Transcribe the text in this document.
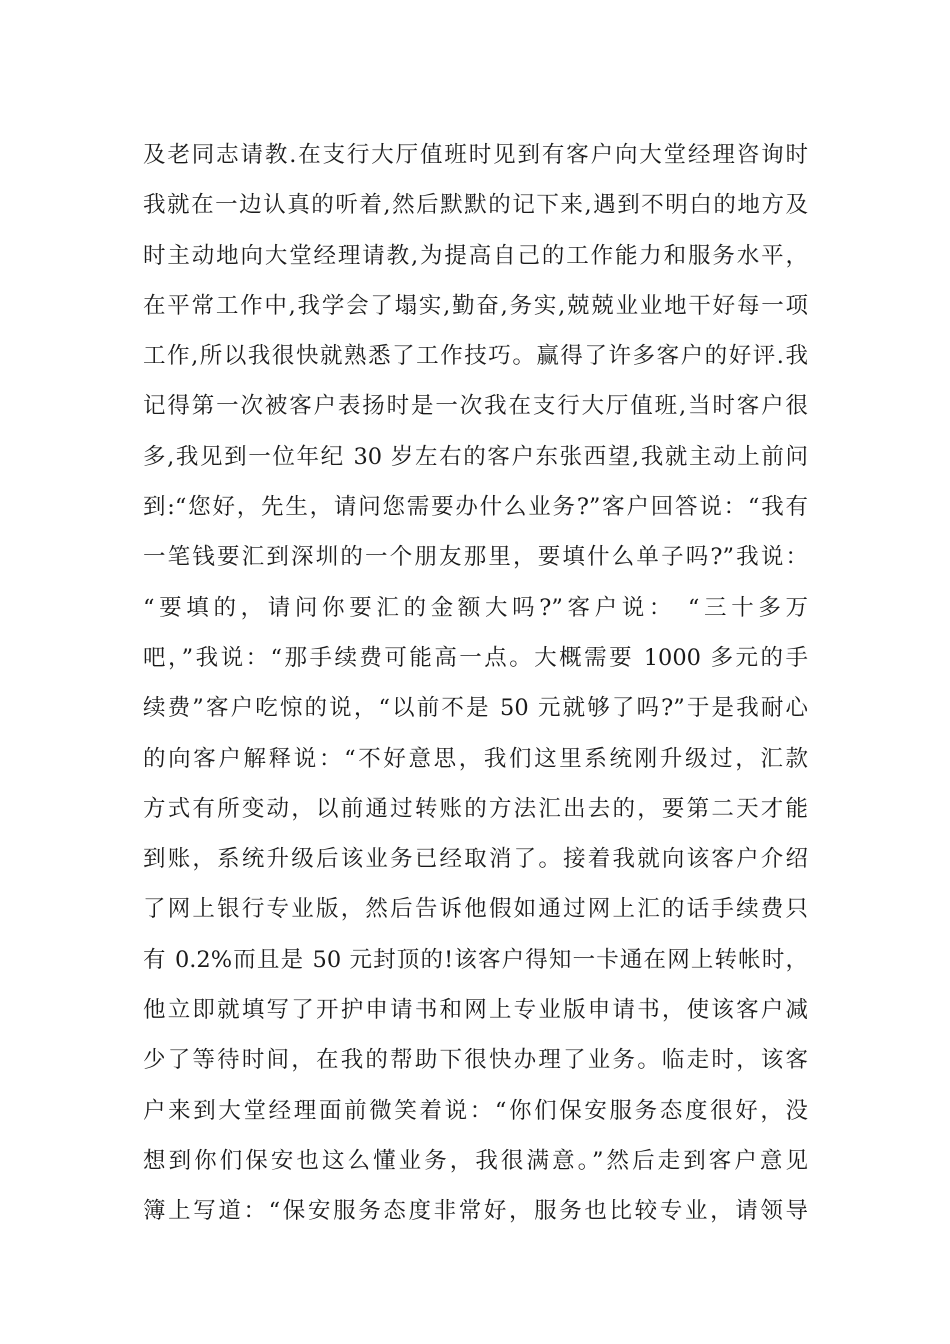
及老同志请教.在支行大厅值班时见到有客户向大堂经理咨询时
我就在一边认真的听着,然后默默的记下来,遇到不明白的地方及
时主动地向大堂经理请教,为提高自己的工作能力和服务水平，
在平常工作中,我学会了塌实,勤奋,务实,兢兢业业地干好每一项
工作,所以我很快就熟悉了工作技巧。赢得了许多客户的好评.我
记得第一次被客户表扬时是一次我在支行大厅值班,当时客户很
多,我见到一位年纪 30 岁左右的客户东张西望,我就主动上前问
到:“您好，先生，请问您需要办什么业务?”客户回答说：“我有
一笔钱要汇到深圳的一个朋友那里，要填什么单子吗?”我说：
“要填的，请问你要汇的金额大吗?”客户说： “三十多万
吧，”我说：“那手续费可能高一点。大概需要 1000 多元的手
续费”客户吃惊的说，“以前不是 50 元就够了吗?”于是我耐心
的向客户解释说：“不好意思，我们这里系统刚升级过，汇款
方式有所变动，以前通过转账的方法汇出去的，要第二天才能
到账，系统升级后该业务已经取消了。接着我就向该客户介绍
了网上银行专业版，然后告诉他假如通过网上汇的话手续费只
有 0.2%而且是 50 元封顶的!该客户得知一卡通在网上转帐时，
他立即就填写了开护申请书和网上专业版申请书，使该客户减
少了等待时间，在我的帮助下很快办理了业务。临走时，该客
户来到大堂经理面前微笑着说：“你们保安服务态度很好，没
想到你们保安也这么懂业务，我很满意。”然后走到客户意见
簿上写道：“保安服务态度非常好，服务也比较专业，请领导
